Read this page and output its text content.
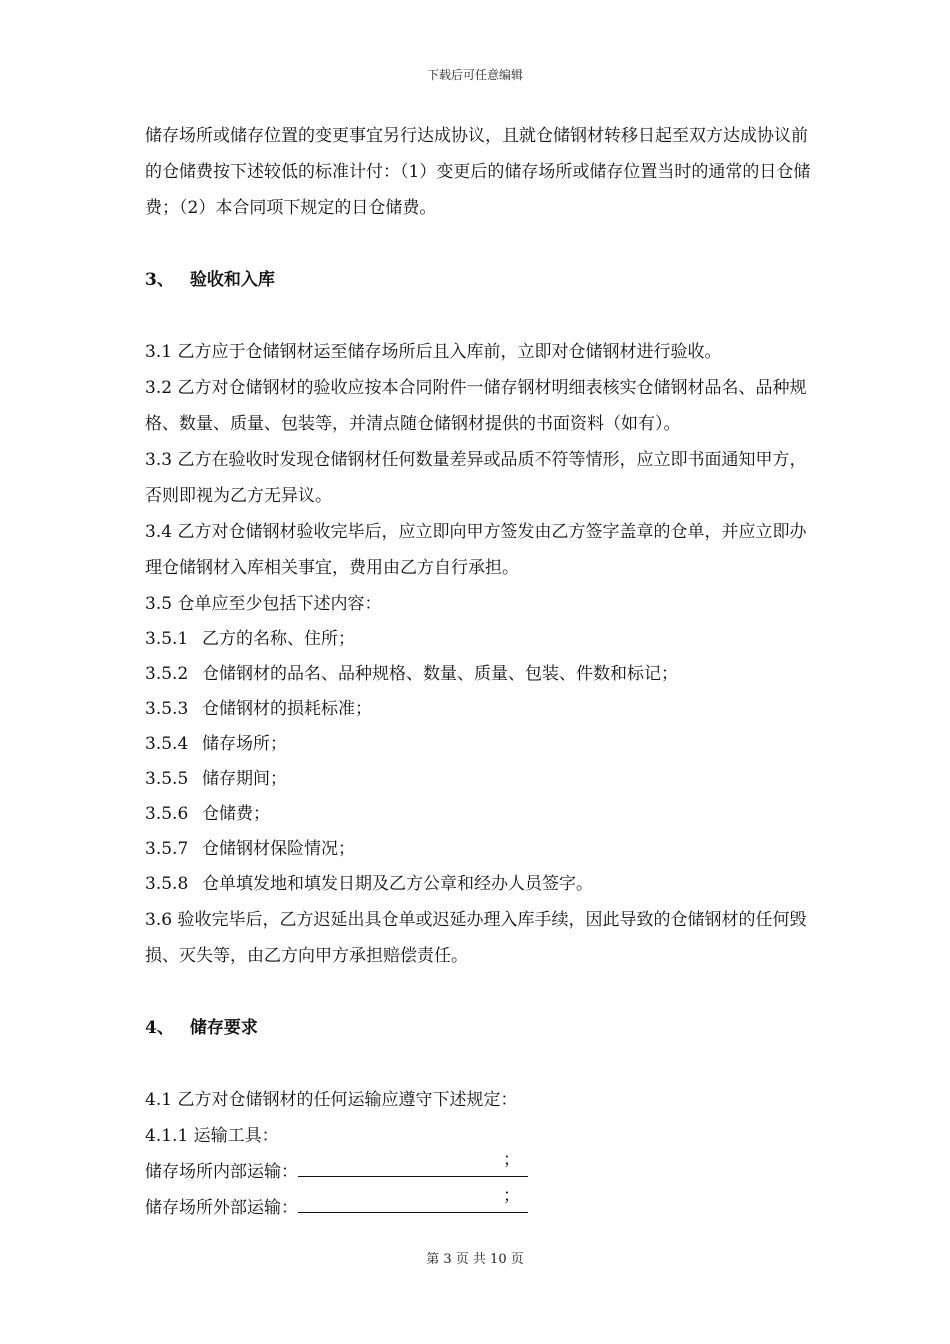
下载后可任意编辑

储存场所或储存位置的变更事宜另行达成协议，且就仓储钢材转移日起至双方达成协议前的仓储费按下述较低的标准计付：（1）变更后的储存场所或储存位置当时的通常的日仓储费；（2）本合同项下规定的日仓储费。

3、 验收和入库

3.1 乙方应于仓储钢材运至储存场所后且入库前，立即对仓储钢材进行验收。

3.2 乙方对仓储钢材的验收应按本合同附件一储存钢材明细表核实仓储钢材品名、品种规格、数量、质量、包装等，并清点随仓储钢材提供的书面资料（如有）。

3.3 乙方在验收时发现仓储钢材任何数量差异或品质不符等情形，应立即书面通知甲方，否则即视为乙方无异议。

3.4 乙方对仓储钢材验收完毕后，应立即向甲方签发由乙方签字盖章的仓单，并应立即办理仓储钢材入库相关事宜，费用由乙方自行承担。

3.5 仓单应至少包括下述内容：

3.5.1 乙方的名称、住所；

3.5.2 仓储钢材的品名、品种规格、数量、质量、包装、件数和标记；

3.5.3 仓储钢材的损耗标准；

3.5.4 储存场所；

3.5.5 储存期间；

3.5.6 仓储费；

3.5.7 仓储钢材保险情况；

3.5.8 仓单填发地和填发日期及乙方公章和经办人员签字。

3.6 验收完毕后，乙方迟延出具仓单或迟延办理入库手续，因此导致的仓储钢材的任何毁损、灭失等，由乙方向甲方承担赔偿责任。

4、 储存要求

4.1 乙方对仓储钢材的任何运输应遵守下述规定：

4.1.1 运输工具：

储存场所内部运输：
；

储存场所外部运输：
；

第 3 页 共 10 页
